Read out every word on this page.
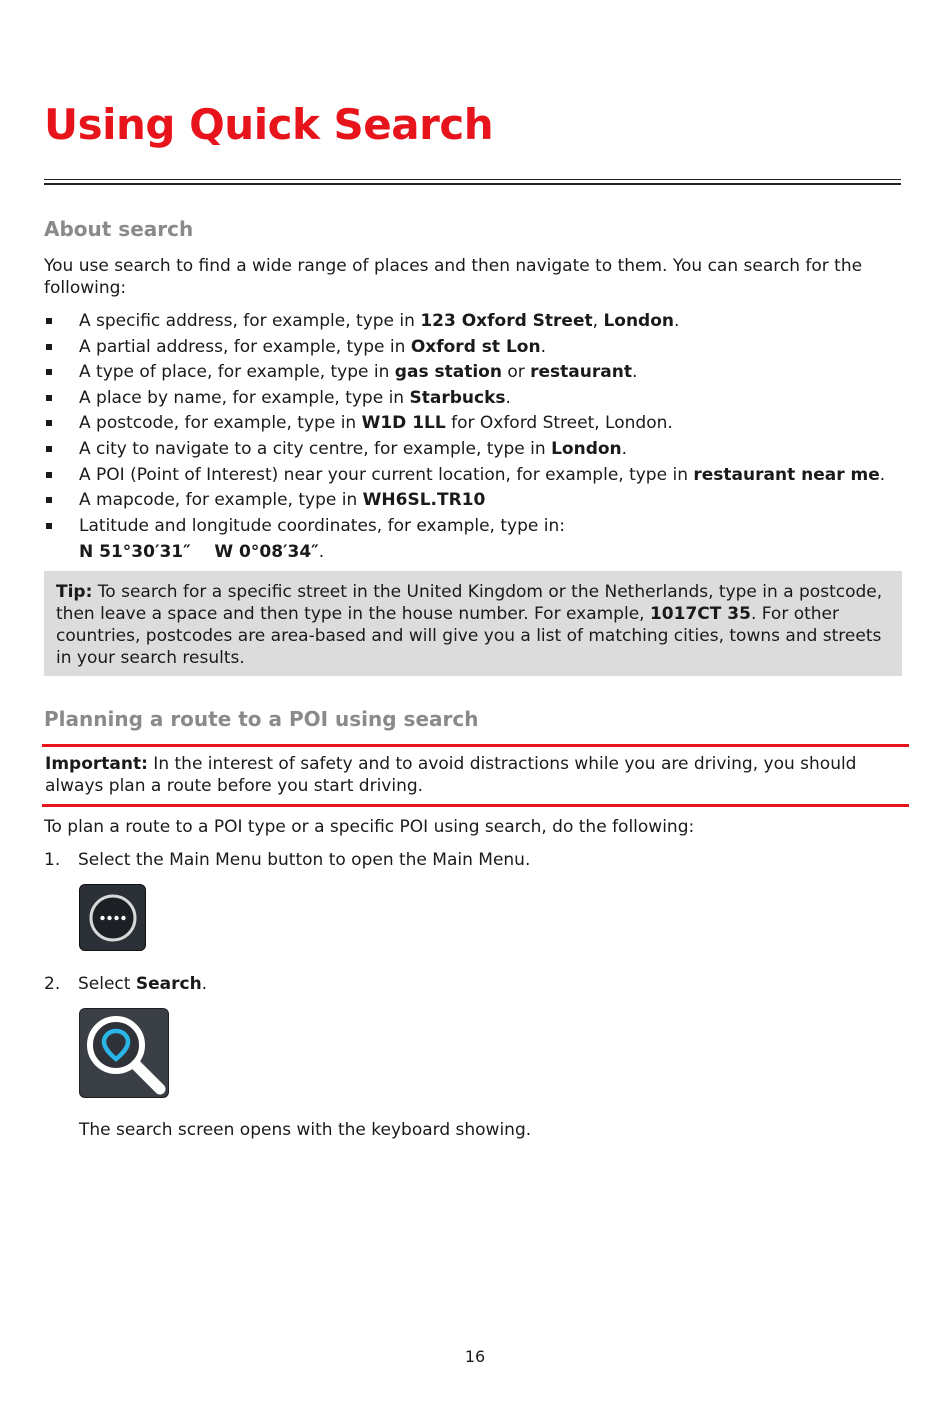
Using Quick Search
About search

You use search to find a wide range of places and then navigate to them. You can search for the following:

A specific address, for example, type in 123 Oxford Street, London.
A partial address, for example, type in Oxford st Lon.
A type of place, for example, type in gas station or restaurant.
A place by name, for example, type in Starbucks.
A postcode, for example, type in W1D 1LL for Oxford Street, London.
A city to navigate to a city centre, for example, type in London.
A POI (Point of Interest) near your current location, for example, type in restaurant near me.
A mapcode, for example, type in WH6SL.TR10
Latitude and longitude coordinates, for example, type in:
N 51°30′31″    W 0°08′34″.

Tip: To search for a specific street in the United Kingdom or the Netherlands, type in a postcode, then leave a space and then type in the house number. For example, 1017CT 35. For other countries, postcodes are area-based and will give you a list of matching cities, towns and streets in your search results.

Planning a route to a POI using search

Important: In the interest of safety and to avoid distractions while you are driving, you should always plan a route before you start driving.

To plan a route to a POI type or a specific POI using search, do the following:

1. Select the Main Menu button to open the Main Menu.
2. Select Search.
The search screen opens with the keyboard showing.
16
